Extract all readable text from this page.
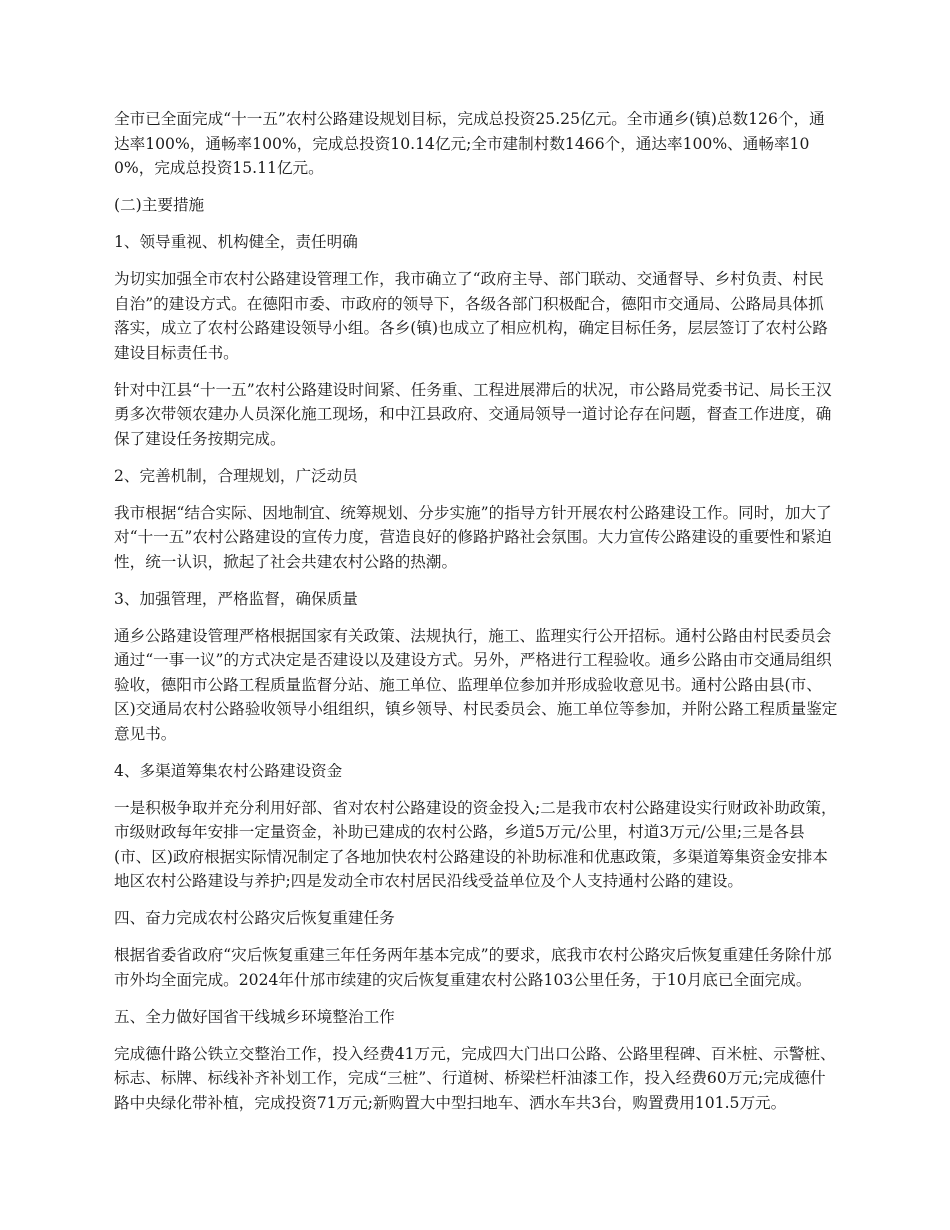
全市已全面完成“十一五”农村公路建设规划目标，完成总投资25.25亿元。全市通乡(镇)总数126个，通达率100%，通畅率100%，完成总投资10.14亿元;全市建制村数1466个，通达率100%、通畅率100%，完成总投资15.11亿元。

(二)主要措施

1、领导重视、机构健全，责任明确

为切实加强全市农村公路建设管理工作，我市确立了“政府主导、部门联动、交通督导、乡村负责、村民自治”的建设方式。在德阳市委、市政府的领导下，各级各部门积极配合，德阳市交通局、公路局具体抓落实，成立了农村公路建设领导小组。各乡(镇)也成立了相应机构，确定目标任务，层层签订了农村公路建设目标责任书。

针对中江县“十一五”农村公路建设时间紧、任务重、工程进展滞后的状况，市公路局党委书记、局长王汉勇多次带领农建办人员深化施工现场，和中江县政府、交通局领导一道讨论存在问题，督查工作进度，确保了建设任务按期完成。

2、完善机制，合理规划，广泛动员

我市根据“结合实际、因地制宜、统筹规划、分步实施”的指导方针开展农村公路建设工作。同时，加大了对“十一五”农村公路建设的宣传力度，营造良好的修路护路社会氛围。大力宣传公路建设的重要性和紧迫性，统一认识，掀起了社会共建农村公路的热潮。

3、加强管理，严格监督，确保质量

通乡公路建设管理严格根据国家有关政策、法规执行，施工、监理实行公开招标。通村公路由村民委员会通过“一事一议”的方式决定是否建设以及建设方式。另外，严格进行工程验收。通乡公路由市交通局组织验收，德阳市公路工程质量监督分站、施工单位、监理单位参加并形成验收意见书。通村公路由县(市、区)交通局农村公路验收领导小组组织，镇乡领导、村民委员会、施工单位等参加，并附公路工程质量鉴定意见书。

4、多渠道筹集农村公路建设资金

一是积极争取并充分利用好部、省对农村公路建设的资金投入;二是我市农村公路建设实行财政补助政策，市级财政每年安排一定量资金，补助已建成的农村公路，乡道5万元/公里，村道3万元/公里;三是各县(市、区)政府根据实际情况制定了各地加快农村公路建设的补助标准和优惠政策，多渠道筹集资金安排本地区农村公路建设与养护;四是发动全市农村居民沿线受益单位及个人支持通村公路的建设。

四、奋力完成农村公路灾后恢复重建任务

根据省委省政府“灾后恢复重建三年任务两年基本完成”的要求，底我市农村公路灾后恢复重建任务除什邡市外均全面完成。2024年什邡市续建的灾后恢复重建农村公路103公里任务，于10月底已全面完成。

五、全力做好国省干线城乡环境整治工作

完成德什路公铁立交整治工作，投入经费41万元，完成四大门出口公路、公路里程碑、百米桩、示警桩、标志、标牌、标线补齐补划工作，完成“三桩”、行道树、桥梁栏杆油漆工作，投入经费60万元;完成德什路中央绿化带补植，完成投资71万元;新购置大中型扫地车、洒水车共3台，购置费用101.5万元。
